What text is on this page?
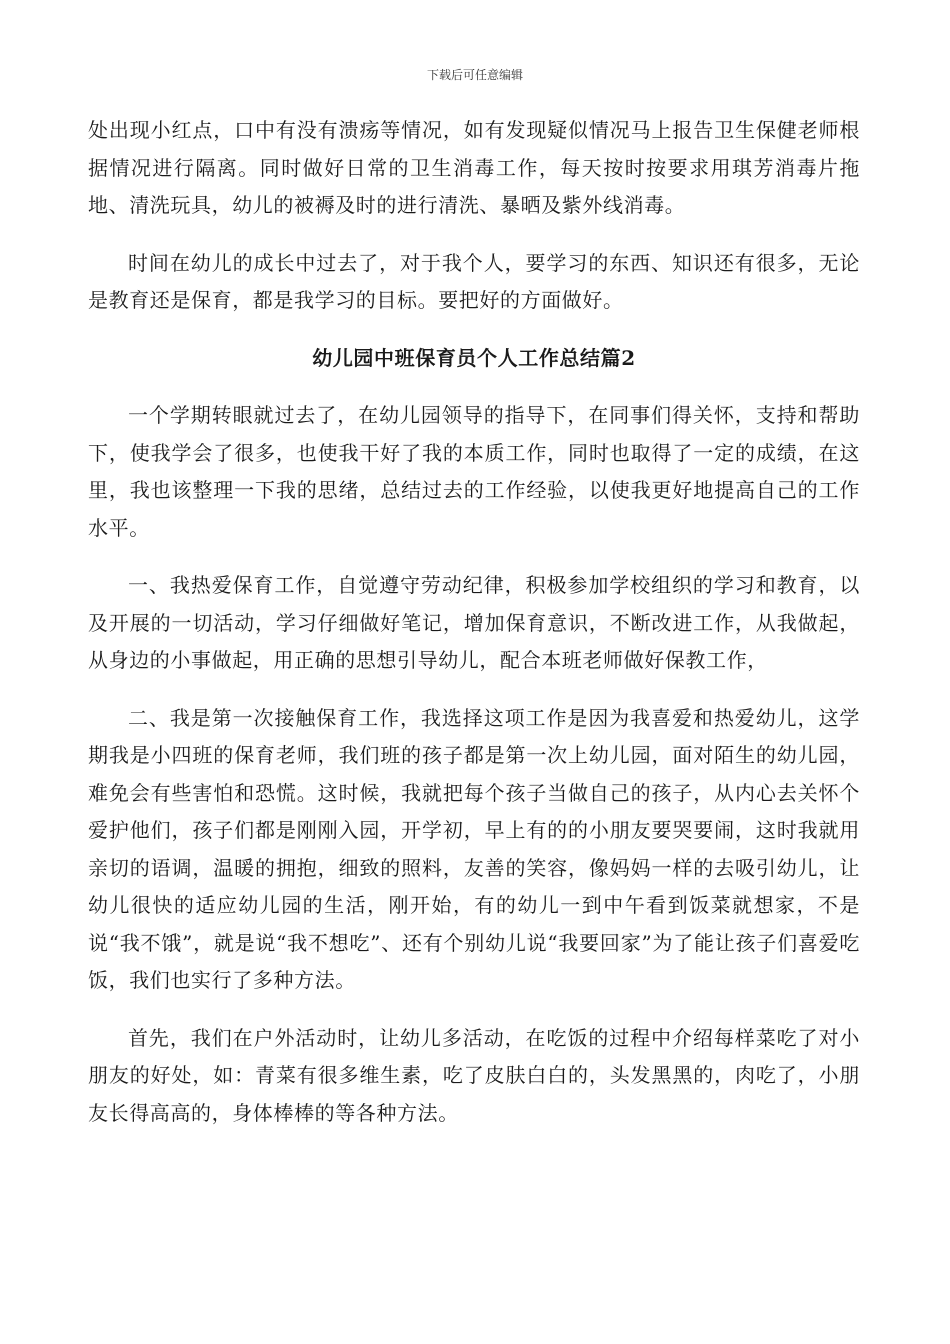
下载后可任意编辑

处出现小红点，口中有没有溃疡等情况，如有发现疑似情况马上报告卫生保健老师根据情况进行隔离。同时做好日常的卫生消毒工作，每天按时按要求用琪芳消毒片拖地、清洗玩具，幼儿的被褥及时的进行清洗、暴晒及紫外线消毒。

时间在幼儿的成长中过去了，对于我个人，要学习的东西、知识还有很多，无论是教育还是保育，都是我学习的目标。要把好的方面做好。

幼儿园中班保育员个人工作总结篇2

一个学期转眼就过去了，在幼儿园领导的指导下，在同事们得关怀，支持和帮助下，使我学会了很多，也使我干好了我的本质工作，同时也取得了一定的成绩，在这里，我也该整理一下我的思绪，总结过去的工作经验，以使我更好地提高自己的工作水平。

一、我热爱保育工作，自觉遵守劳动纪律，积极参加学校组织的学习和教育，以及开展的一切活动，学习仔细做好笔记，增加保育意识，不断改进工作，从我做起，从身边的小事做起，用正确的思想引导幼儿，配合本班老师做好保教工作，

二、我是第一次接触保育工作，我选择这项工作是因为我喜爱和热爱幼儿，这学期我是小四班的保育老师，我们班的孩子都是第一次上幼儿园，面对陌生的幼儿园，难免会有些害怕和恐慌。这时候，我就把每个孩子当做自己的孩子，从内心去关怀个爱护他们，孩子们都是刚刚入园，开学初，早上有的的小朋友要哭要闹，这时我就用亲切的语调，温暖的拥抱，细致的照料，友善的笑容，像妈妈一样的去吸引幼儿，让幼儿很快的适应幼儿园的生活，刚开始，有的幼儿一到中午看到饭菜就想家，不是说“我不饿”，就是说“我不想吃”、还有个别幼儿说“我要回家”为了能让孩子们喜爱吃饭，我们也实行了多种方法。

首先，我们在户外活动时，让幼儿多活动，在吃饭的过程中介绍每样菜吃了对小朋友的好处，如：青菜有很多维生素，吃了皮肤白白的，头发黑黑的，肉吃了，小朋友长得高高的，身体棒棒的等各种方法。
